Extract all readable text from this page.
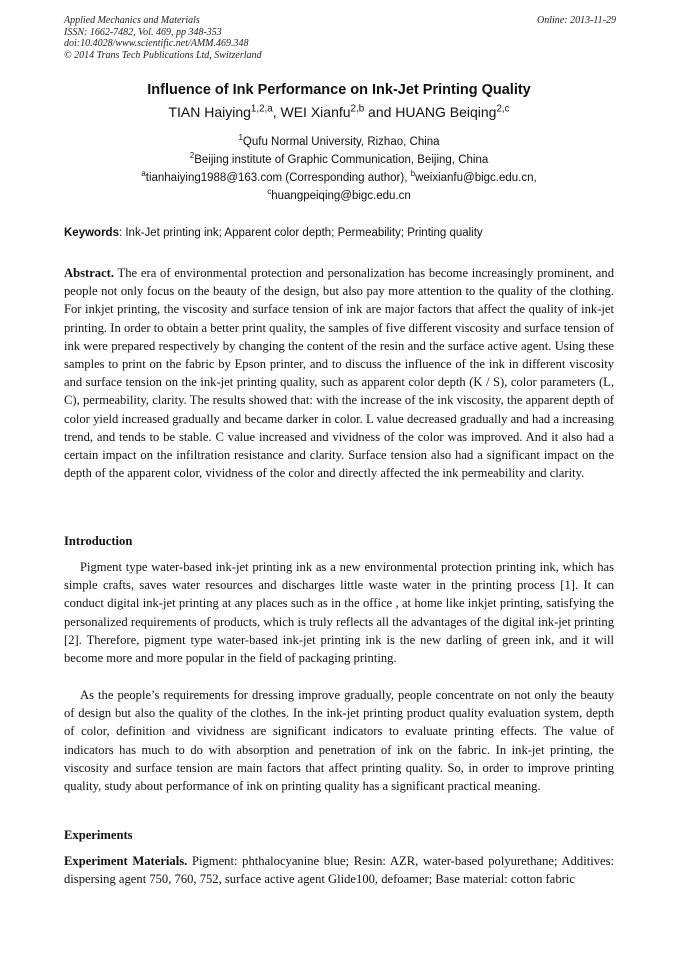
Applied Mechanics and Materials
ISSN: 1662-7482, Vol. 469, pp 348-353
doi:10.4028/www.scientific.net/AMM.469.348
© 2014 Trans Tech Publications Ltd, Switzerland
Online: 2013-11-29
Influence of Ink Performance on Ink-Jet Printing Quality
TIAN Haiying$^{1,2,a}$, WEI Xianfu$^{2,b}$ and HUANG Beiqing$^{2,c}$
$^1$Qufu Normal University, Rizhao, China
$^2$Beijing institute of Graphic Communication, Beijing, China
$^a$tianhaiying1988@163.com (Corresponding author), $^b$weixianfu@bigc.edu.cn,
$^c$huangpeiqing@bigc.edu.cn
Keywords: Ink-Jet printing ink; Apparent color depth; Permeability; Printing quality
Abstract. The era of environmental protection and personalization has become increasingly prominent, and people not only focus on the beauty of the design, but also pay more attention to the quality of the clothing. For inkjet printing, the viscosity and surface tension of ink are major factors that affect the quality of ink-jet printing. In order to obtain a better print quality, the samples of five different viscosity and surface tension of ink were prepared respectively by changing the content of the resin and the surface active agent. Using these samples to print on the fabric by Epson printer, and to discuss the influence of the ink in different viscosity and surface tension on the ink-jet printing quality, such as apparent color depth (K / S), color parameters (L, C), permeability, clarity. The results showed that: with the increase of the ink viscosity, the apparent depth of color yield increased gradually and became darker in color. L value decreased gradually and had a increasing trend, and tends to be stable. C value increased and vividness of the color was improved. And it also had a certain impact on the infiltration resistance and clarity. Surface tension also had a significant impact on the depth of the apparent color, vividness of the color and directly affected the ink permeability and clarity.
Introduction
Pigment type water-based ink-jet printing ink as a new environmental protection printing ink, which has simple crafts, saves water resources and discharges little waste water in the printing process [1]. It can conduct digital ink-jet printing at any places such as in the office , at home like inkjet printing, satisfying the personalized requirements of products, which is truly reflects all the advantages of the digital ink-jet printing [2]. Therefore, pigment type water-based ink-jet printing ink is the new darling of green ink, and it will become more and more popular in the field of packaging printing.
As the people’s requirements for dressing improve gradually, people concentrate on not only the beauty of design but also the quality of the clothes. In the ink-jet printing product quality evaluation system, depth of color, definition and vividness are significant indicators to evaluate printing effects. The value of indicators has much to do with absorption and penetration of ink on the fabric. In ink-jet printing, the viscosity and surface tension are main factors that affect printing quality. So, in order to improve printing quality, study about performance of ink on printing quality has a significant practical meaning.
Experiments
Experiment Materials. Pigment: phthalocyanine blue; Resin: AZR, water-based polyurethane; Additives: dispersing agent 750, 760, 752, surface active agent Glide100, defoamer; Base material: cotton fabric
